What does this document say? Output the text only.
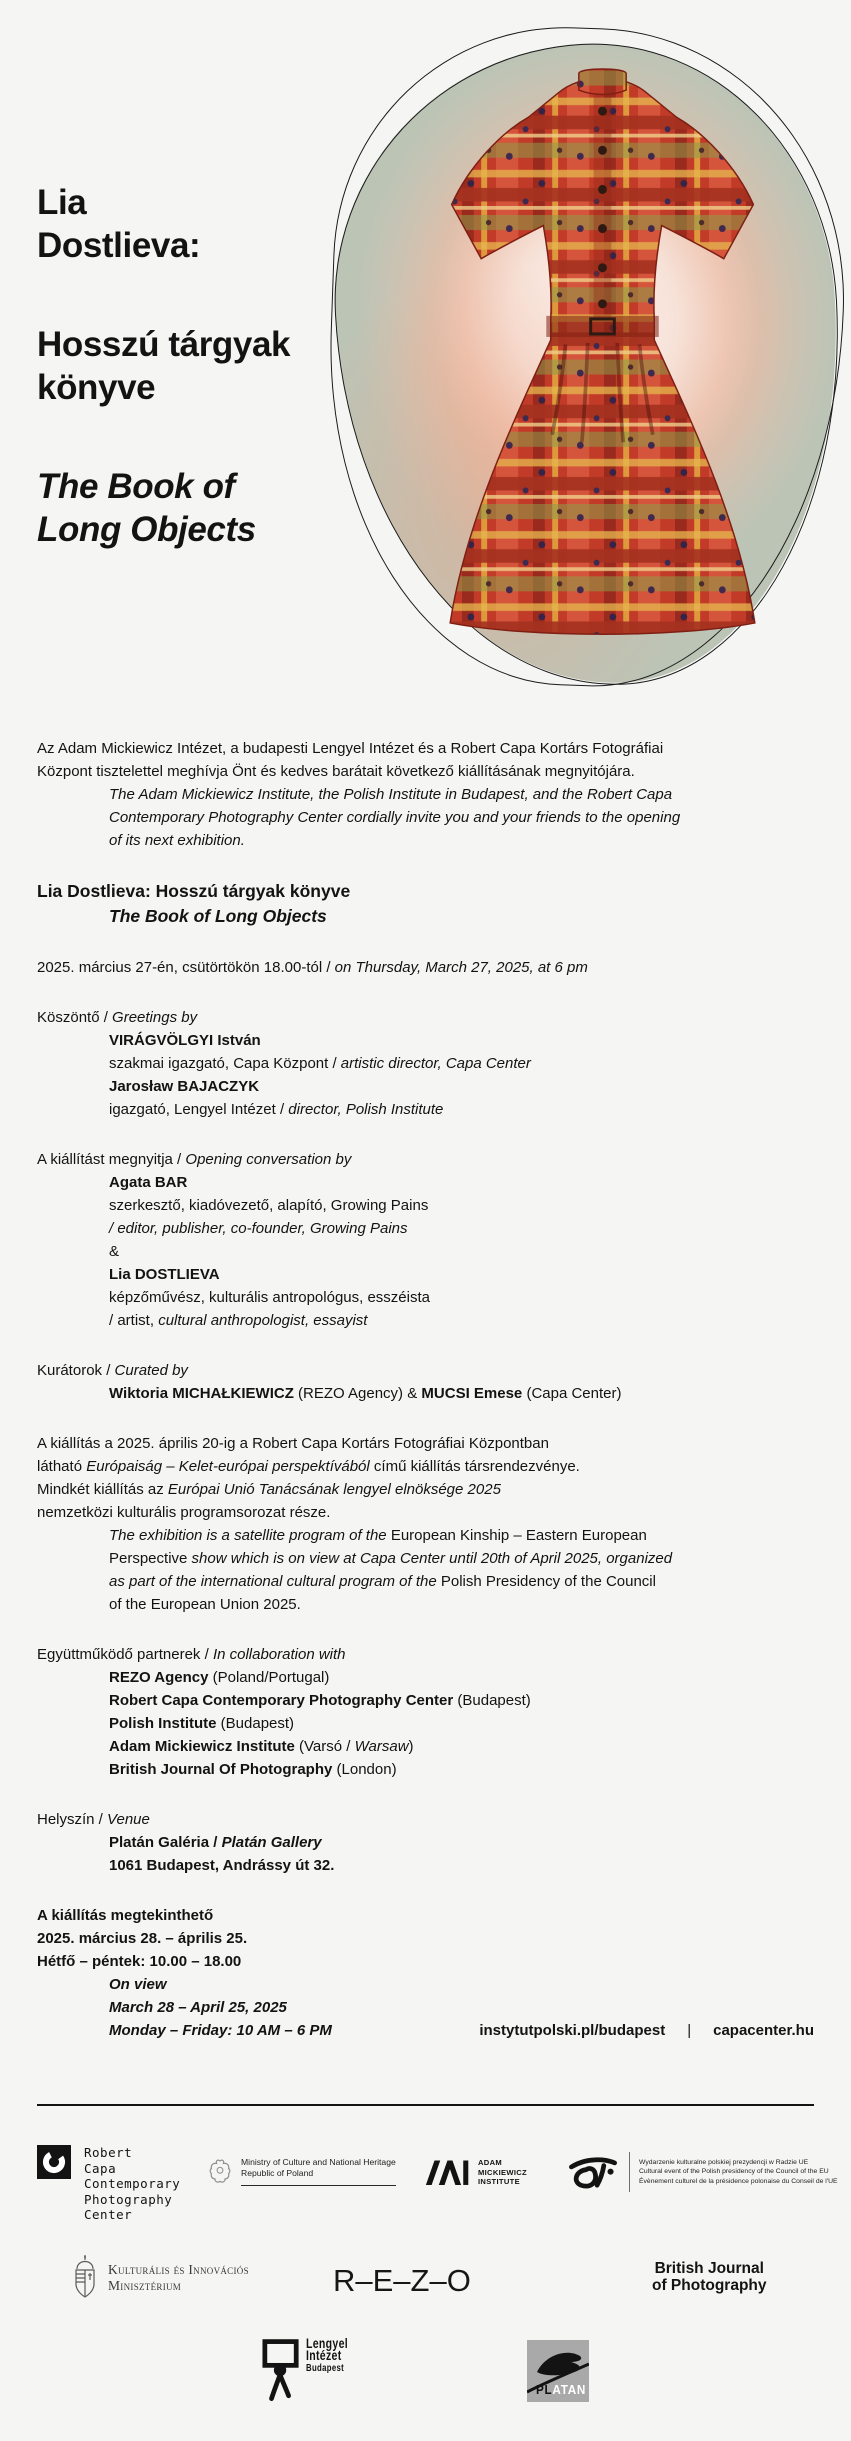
Lia
Dostlieva:
Hosszú tárgyak
könyve
The Book of
Long Objects
Az Adam Mickiewicz Intézet, a budapesti Lengyel Intézet és a Robert Capa Kortárs Fotográfiai
Központ tisztelettel meghívja Önt és kedves barátait következő kiállításának megnyitójára.
The Adam Mickiewicz Institute, the Polish Institute in Budapest, and the Robert Capa
Contemporary Photography Center cordially invite you and your friends to the opening
of its next exhibition.
Lia Dostlieva: Hosszú tárgyak könyve
The Book of Long Objects
2025. március 27-én, csütörtökön 18.00-tól / on Thursday, March 27, 2025, at 6 pm
Köszöntő / Greetings by
VIRÁGVÖLGYI István
szakmai igazgató, Capa Központ / artistic director, Capa Center
Jarosław BAJACZYK
igazgató, Lengyel Intézet / director, Polish Institute
A kiállítást megnyitja / Opening conversation by
Agata BAR
szerkesztő, kiadóvezető, alapító, Growing Pains
/ editor, publisher, co-founder, Growing Pains
&
Lia DOSTLIEVA
képzőművész, kulturális antropológus, esszéista
/ artist, cultural anthropologist, essayist
Kurátorok / Curated by
Wiktoria MICHAŁKIEWICZ (REZO Agency) & MUCSI Emese (Capa Center)
A kiállítás a 2025. április 20-ig a Robert Capa Kortárs Fotográfiai Központban
látható Európaiság – Kelet-európai perspektívából című kiállítás társrendezvénye.
Mindkét kiállítás az Európai Unió Tanácsának lengyel elnöksége 2025
nemzetközi kulturális programsorozat része.
The exhibition is a satellite program of the European Kinship – Eastern European
Perspective show which is on view at Capa Center until 20th of April 2025, organized
as part of the international cultural program of the Polish Presidency of the Council
of the European Union 2025.
Együttműködő partnerek / In collaboration with
REZO Agency (Poland/Portugal)
Robert Capa Contemporary Photography Center (Budapest)
Polish Institute (Budapest)
Adam Mickiewicz Institute (Varsó / Warsaw)
British Journal Of Photography (London)
Helyszín / Venue
Platán Galéria / Platán Gallery
1061 Budapest, Andrássy út 32.
A kiállítás megtekinthető
2025. március 28. – április 25.
Hétfő – péntek: 10.00 – 18.00
On view
March 28 – April 25, 2025
Monday – Friday: 10 AM – 6 PM	instytutpolski.pl/budapest | capacenter.hu
Robert
Capa
Contemporary
Photography
Center
Ministry of Culture and National Heritage
Republic of Poland
ADAM
MICKIEWICZ
INSTITUTE
Wydarzenie kulturalne polskiej prezydencji w Radzie UE
Cultural event of the Polish presidency of the Council of the EU
Évènement culturel de la présidence polonaise du Conseil de l'UE
Kulturális és Innovációs
Minisztérium	R–E–Z–O	British Journal
of Photography
Lengyel
Intézet
Budapest
PLATAN
